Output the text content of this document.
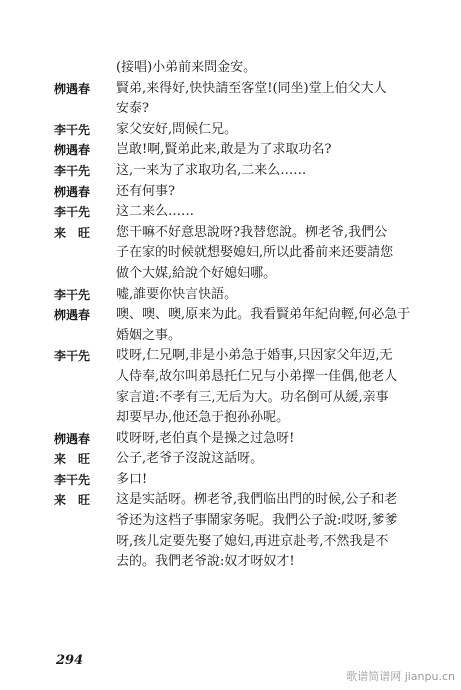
(接唱)小弟前来問金安。
栁遇春	賢弟,来得好,快快請至客堂!(同坐)堂上伯父大人
安泰?
李干先	家父安好,問候仁兄。
栁遇春	岂敢!啊,賢弟此来,敢是为了求取功名?
李干先	这,一来为了求取功名,二来么……
栁遇春	还有何事?
李干先	这二来么……
来　旺	您干嘛不好意思說呀?我替您說。栁老爷,我們公
子在家的时候就想娶媳妇,所以此番前来还要請您
做个大媒,給說个好媳妇哪。
李干先	嘘,誰要你快言快語。
栁遇春	噢、噢、噢,原来为此。我看賢弟年紀尙輕,何必急于
婚姻之事。
李干先	哎呀,仁兄啊,非是小弟急于婚事,只因家父年迈,无
人侍奉,故尔叫弟恳托仁兄与小弟擇一佳偶,他老人
家言道:不孝有三,无后为大。功名倒可从緩,亲事
却要早办,他还急于抱孙孙呢。
栁遇春	哎呀呀,老伯真个是操之过急呀!
来　旺	公子,老爷子沒說这話呀。
李干先	多口!
来　旺	这是实話呀。栁老爷,我們临出門的时候,公子和老
爷还为这档子事鬧家务呢。我們公子說:哎呀,爹爹
呀,孩儿定要先娶了媳妇,再进京赴考,不然我是不
去的。我們老爷說:奴才呀奴才!
294
歌谱简谱网 jianpu.cn
